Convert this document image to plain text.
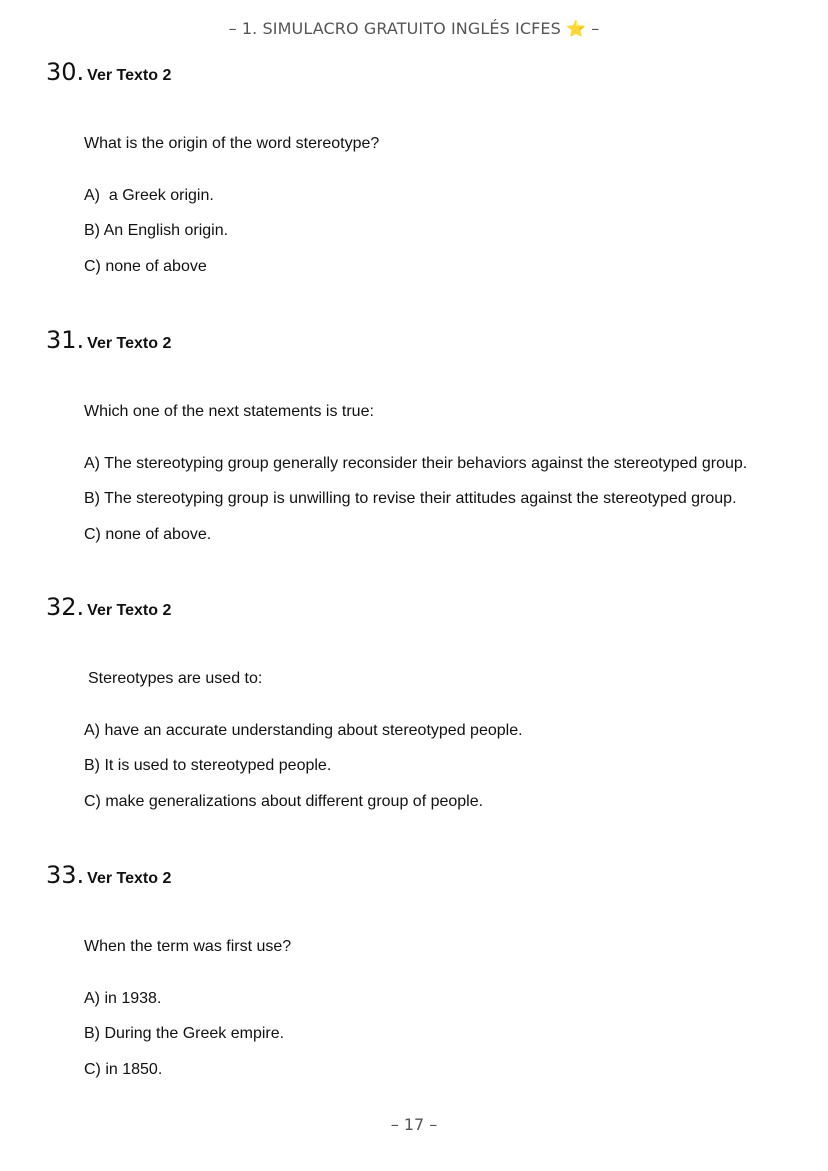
– 1. SIMULACRO GRATUITO INGLÉS ICFES ⭐ –
30. Ver Texto 2
What is the origin of the word stereotype?
A)  a Greek origin.
B) An English origin.
C) none of above
31. Ver Texto 2
Which one of the next statements is true:
A) The stereotyping group generally reconsider their behaviors against the stereotyped group.
B) The stereotyping group is unwilling to revise their attitudes against the stereotyped group.
C) none of above.
32. Ver Texto 2
Stereotypes are used to:
A) have an accurate understanding about stereotyped people.
B) It is used to stereotyped people.
C) make generalizations about different group of people.
33. Ver Texto 2
When the term was first use?
A) in 1938.
B) During the Greek empire.
C) in 1850.
– 17 –
